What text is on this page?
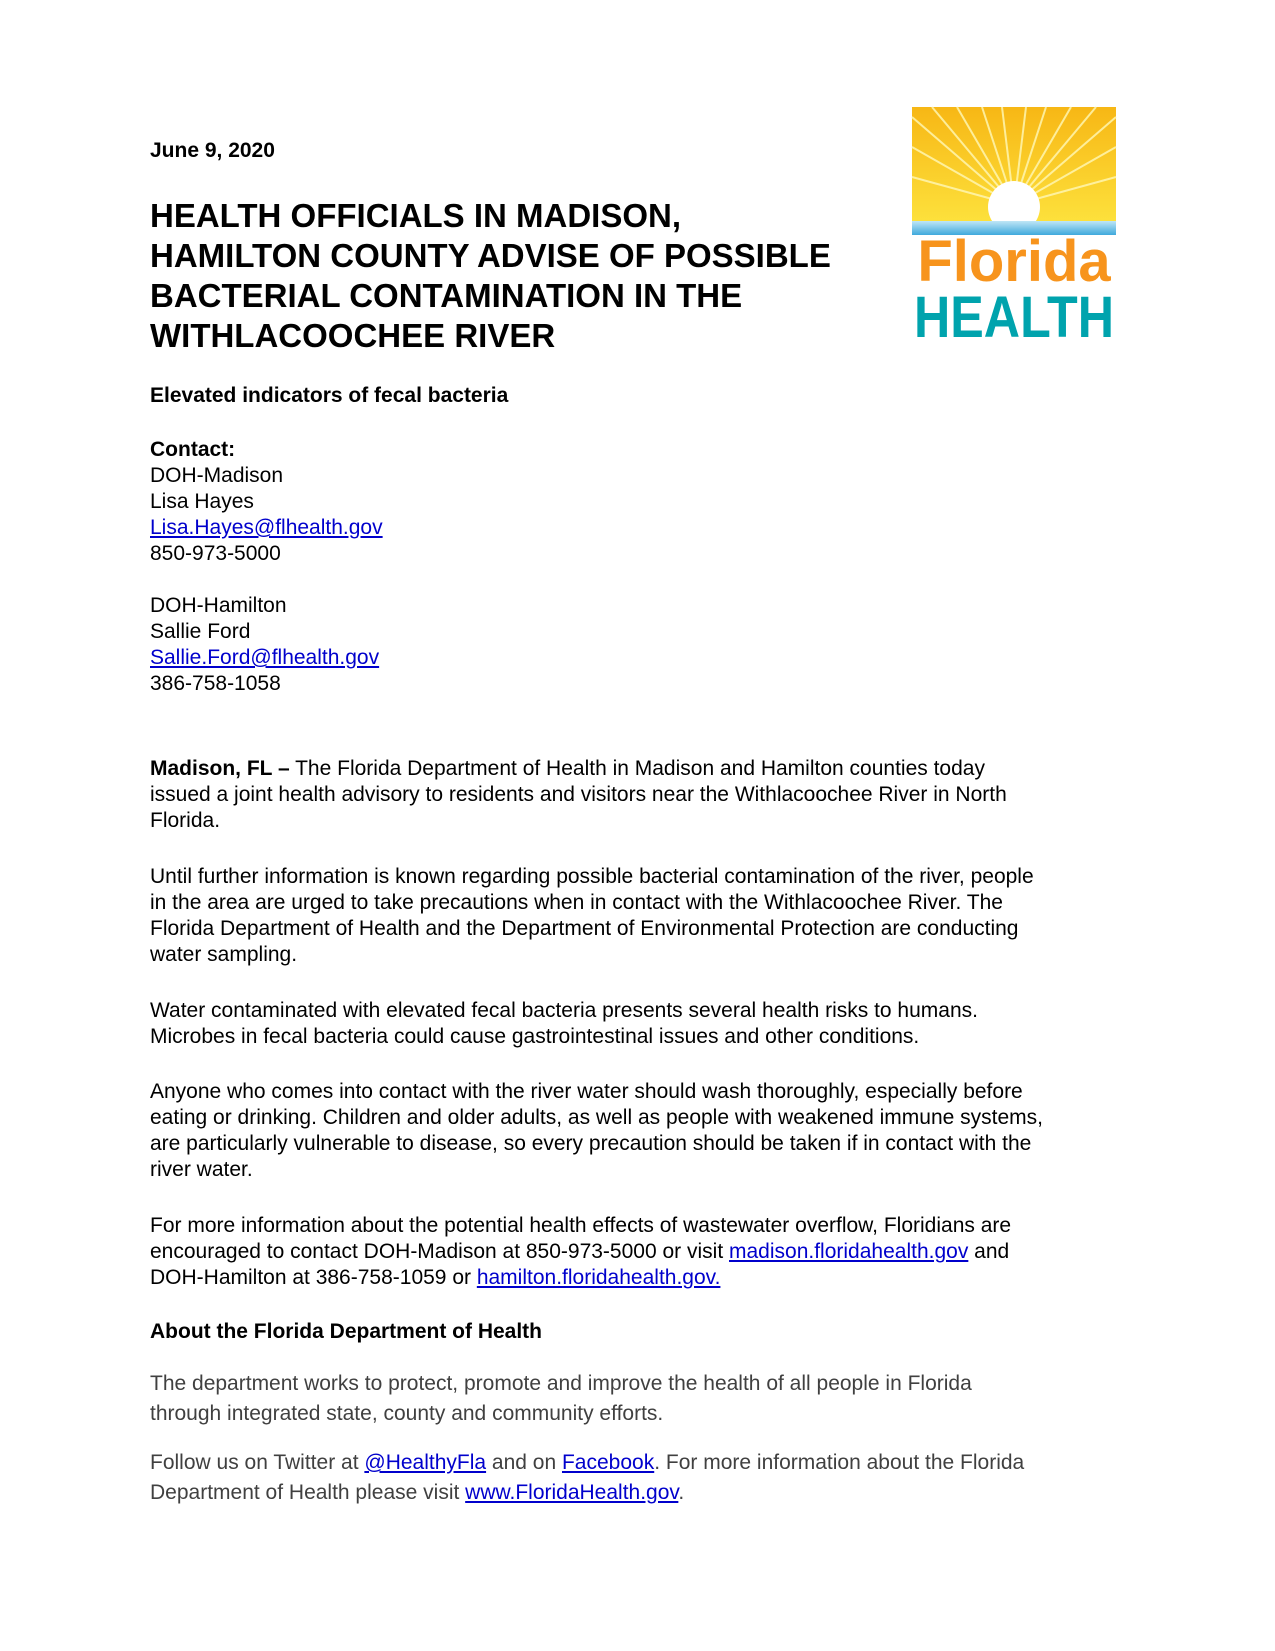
June 9, 2020
HEALTH OFFICIALS IN MADISON,
HAMILTON COUNTY ADVISE OF POSSIBLE
BACTERIAL CONTAMINATION IN THE
WITHLACOOCHEE RIVER
Florida
HEALTH
Elevated indicators of fecal bacteria
Contact:
DOH-Madison
Lisa Hayes
Lisa.Hayes@flhealth.gov
850-973-5000
DOH-Hamilton
Sallie Ford
Sallie.Ford@flhealth.gov
386-758-1058
Madison, FL – The Florida Department of Health in Madison and Hamilton counties today
issued a joint health advisory to residents and visitors near the Withlacoochee River in North
Florida.
Until further information is known regarding possible bacterial contamination of the river, people
in the area are urged to take precautions when in contact with the Withlacoochee River. The
Florida Department of Health and the Department of Environmental Protection are conducting
water sampling.
Water contaminated with elevated fecal bacteria presents several health risks to humans.
Microbes in fecal bacteria could cause gastrointestinal issues and other conditions.
Anyone who comes into contact with the river water should wash thoroughly, especially before
eating or drinking. Children and older adults, as well as people with weakened immune systems,
are particularly vulnerable to disease, so every precaution should be taken if in contact with the
river water.
For more information about the potential health effects of wastewater overflow, Floridians are
encouraged to contact DOH-Madison at 850-973-5000 or visit madison.floridahealth.gov and
DOH-Hamilton at 386-758-1059 or hamilton.floridahealth.gov.
About the Florida Department of Health
The department works to protect, promote and improve the health of all people in Florida
through integrated state, county and community efforts.
Follow us on Twitter at @HealthyFla and on Facebook. For more information about the Florida
Department of Health please visit www.FloridaHealth.gov.
